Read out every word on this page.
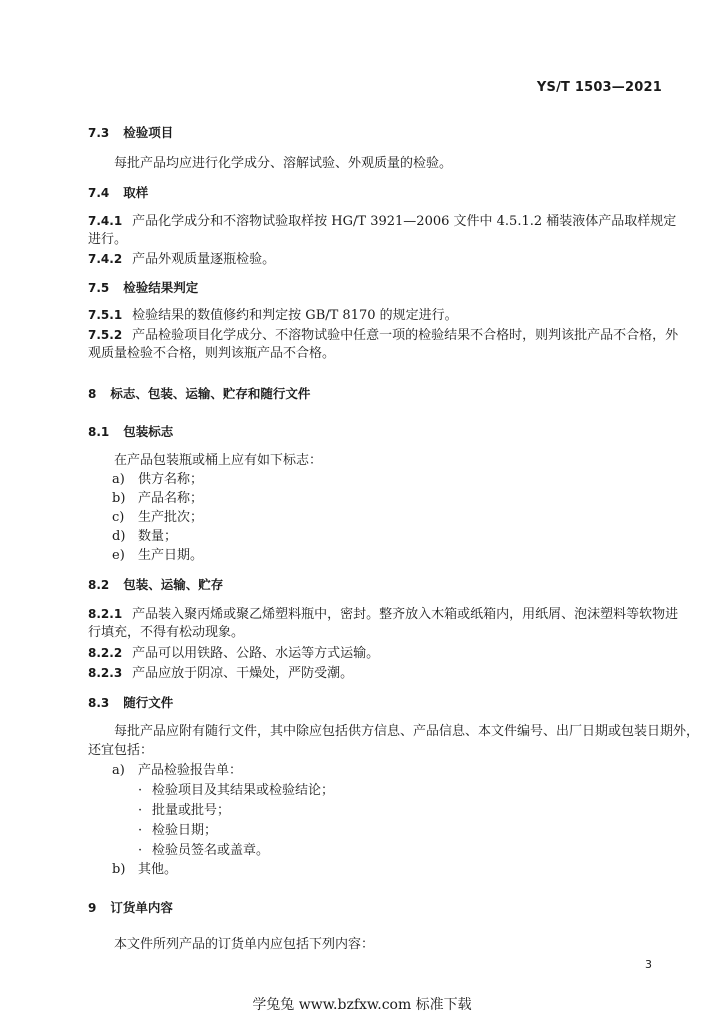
YS/T 1503—2021
7.3 检验项目
每批产品均应进行化学成分、溶解试验、外观质量的检验。
7.4 取样
7.4.1 产品化学成分和不溶物试验取样按 HG/T 3921—2006 文件中 4.5.1.2 桶装液体产品取样规定
进行。
7.4.2 产品外观质量逐瓶检验。
7.5 检验结果判定
7.5.1 检验结果的数值修约和判定按 GB/T 8170 的规定进行。
7.5.2 产品检验项目化学成分、不溶物试验中任意一项的检验结果不合格时，则判该批产品不合格，外
观质量检验不合格，则判该瓶产品不合格。
8 标志、包装、运输、贮存和随行文件
8.1 包装标志
在产品包装瓶或桶上应有如下标志：
a) 供方名称；
b) 产品名称；
c) 生产批次；
d) 数量；
e) 生产日期。
8.2 包装、运输、贮存
8.2.1 产品装入聚丙烯或聚乙烯塑料瓶中，密封。整齐放入木箱或纸箱内，用纸屑、泡沫塑料等软物进
行填充，不得有松动现象。
8.2.2 产品可以用铁路、公路、水运等方式运输。
8.2.3 产品应放于阴凉、干燥处，严防受潮。
8.3 随行文件
每批产品应附有随行文件，其中除应包括供方信息、产品信息、本文件编号、出厂日期或包装日期外，
还宜包括：
a) 产品检验报告单：
· 检验项目及其结果或检验结论；
· 批量或批号；
· 检验日期；
· 检验员签名或盖章。
b) 其他。
9 订货单内容
本文件所列产品的订货单内应包括下列内容：
3
学兔兔 www.bzfxw.com 标准下载
